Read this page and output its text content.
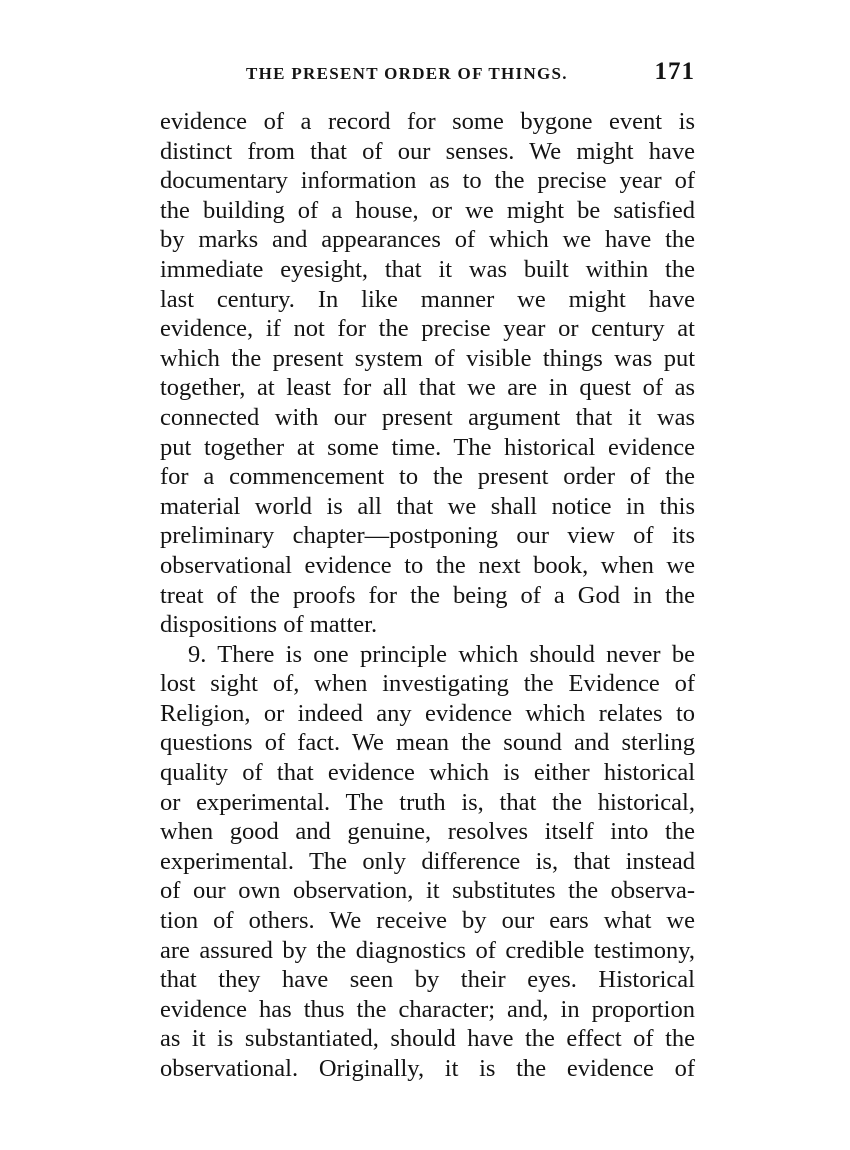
THE PRESENT ORDER OF THINGS.	171
evidence of a record for some bygone event is
distinct from that of our senses. We might have
documentary information as to the precise year of
the building of a house, or we might be satisfied
by marks and appearances of which we have the
immediate eyesight, that it was built within the
last century. In like manner we might have
evidence, if not for the precise year or century at
which the present system of visible things was put
together, at least for all that we are in quest of as
connected with our present argument that it was
put together at some time. The historical evidence
for a commencement to the present order of the
material world is all that we shall notice in this
preliminary chapter—postponing our view of its
observational evidence to the next book, when we
treat of the proofs for the being of a God in the
dispositions of matter.
9. There is one principle which should never be
lost sight of, when investigating the Evidence of
Religion, or indeed any evidence which relates to
questions of fact. We mean the sound and sterling
quality of that evidence which is either historical
or experimental. The truth is, that the historical,
when good and genuine, resolves itself into the
experimental. The only difference is, that instead
of our own observation, it substitutes the observa-
tion of others. We receive by our ears what we
are assured by the diagnostics of credible testimony,
that they have seen by their eyes. Historical
evidence has thus the character; and, in proportion
as it is substantiated, should have the effect of the
observational. Originally, it is the evidence of
